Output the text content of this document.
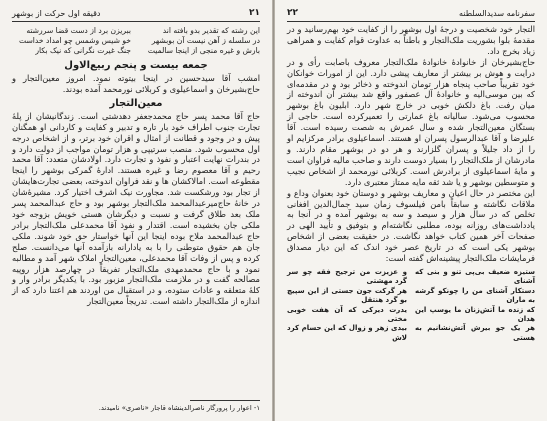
۲۱
دقیقه اول حرکت از بوشهر
این رشته که تقدیر بدو بافته اند
در سلسله ز آهن نیست آن بوبشهر
بارش و غیره منجی از اینجا سالمیت
ببریزن برد از دست قضا سررشته
خو شیس وشمس چو امداد خداست
جنگ غیرت نگرانی که نیک بکار
جمعه بیست و پنجم ربیع‌الاول

امشب آقا سیدحسین در اینجا بیتوته نمود. امروز معین‌التجار و حاج‌بشیرخان و اسماعیلوی و کربلائی نورمحمد آمده بودند.

معین‌التجار

حاج آقا محمد پسر حاج محمدجعفر دهدشتی است. زندگانیشان از پلهٔ تجارت جنوب اطراف خود بار تاره و تدبیر و کفایت و کاردانی او همگنان پیش و در وجود و قطانت از امثال و اقران خود برتر، و از اشخاص درجه اول محسوب شود. منصب سرتیپی و هزار تومان مواجب از دولت دارد و در بندرات نهایت اعتبار و نفوذ و تجارت دارد. اولادشان متعدد: آقا محمد رحیم و آقا معصوم رضا و غیره هستند. ادارهٔ گمرکی بوشهر را اینجا مقطوعه است. امالاکشان ها و نقد فراوان اندوخته، بعضی تجارت‌هایشان از تجار بود ورشکست شد. مجاورت نیک اشرف اختیار کرد. مشیرهٔ‌شان در خانهٔ حاج‌میرعبدالمحمد ملک‌التجار بوشهر بود و حاج عبدالمحمد پسر ملک بعد طلاق گرفت و نسبت و دیگرشان هستی خویش بزوجه خود ملکی جان بخشیده است. اقتدار و نفوذ آقا محمدعلی ملک‌التجار برادر حاج عبدالمحمد ملاح بوده اینجا این آنها خواستار حق خود شوند. ملکی جان هم حقوق متوطنی را با به یادارانه بازآمده آنها می‌دانست. صلح کرده و پس از وفات آقا محمدعلی، معین‌التجار املاک شهر آمد و مطالبه نمود و با حاج محمدمهدی ملک‌التجار تفریقاً در چهارصد هزار روپیه مصالحه گفت و در ملازمت ملک‌التجار مزبور بود. با یکدیگر برادر وار و کلهٔ متعلقه و عادات ستوده، و در استقبال من اوردند هم اعتنا دارد که از اندازه از ملک‌التجار داشته است. تدریجاً معین‌التجار

۱- اعوار را پرورگار ناصرالدینشاه قاجار «ناصری» نامیدند.
سفرنامه سدیدالسلطنه
۲۲

التجار خود شخصیت و درجهٔ اول بوشهر را از کفایت خود بهم‌رسانید و در مقدمهٔ بلوا بشوریت ملک‌التجار و باطناً به عداوت قوام کفایت و همراهی زیاد بخرج داد.

حاج‌بشیرخان از خانوادهٔ خانوادهٔ ملک‌التجار معروف باصابت رأی و در درایت و هوش بر بیشتر از معاریف پیشی دارد. این از امورات خوانکان خود تقریباً صاحب پنجاه هزار تومان اندوخته و ذخائر بود و در مقدمه‌ای که بین موسی‌الیه و خانوادهٔ آل عصفور واقع شد بیشتر آن اندوخته از میان رفت. باغ دلکش خوبی در خارج شهر دارد. ابلیون باغ بوشهر محسوب می‌شود. سالیانه باغ عمارتی را تعمیرکرده است. حاجی از بستگان معین‌التجار شده و سال عمرش به شصت رسیده است. آقا علیرضا و آقا عبدالرسول پسران او هستند. اسماعیلوی برادر مرکز‌ایم او را از داد جلیلاً و پسران گلزارند و هر دو در بوشهر مقام دارند. و مادرشان از ملک‌التجار را بسیار دوست دارند و صاحب مالیه فراوان است و مایهٔ اسماعیلوی از برادرش است. کربلائی نورمحمد از اشخاص نجیب و متوسطین بوشهر و یا شد ثقه مایه ممتاز معتبری دارد.

این مختصر در حال اعیان و معاریف بوشهر و دوستان خود بعنوان وداع و ملاقات نگاشته و سابقاً بامن فیلسوف زمان سید جمال‌الدین افغانی تخلص که در سال هزار و سیصد و سه به بوشهر آمده و در آنجا به یادداشت‌های روزانه بوده، مطلبی نگاشته‌ام و بتوفیق و تأیید الهی در صفحات آخر همین کتاب خواهد نگاشت. در حقیقت بعضی از اشخاص بوشهر یکی است که در تاریخ عصر خود اندک که این دیار مصداق فرمایشات ملک‌التجار پیشینه‌اش گفته است:

ستیزه ضعیف بی‌پی تنو و بنی که آشنای
دستکار آشنای من را چونکو گرشه به ماران
که زنده ما آتش‌زنان ما یوسپ این هدان
هر یک جو بیرش آتش‌نشانیم به هستی
و عزیزت من ترجیح فقه چو سر گرد مهشتی
هر گرکت جون جستی از این سپیچ بو گرد هنتقل
یدرت دیرکی که آن هفت خوبی مختی
بیدی زهر و زوال که این حسام کرد لاش
